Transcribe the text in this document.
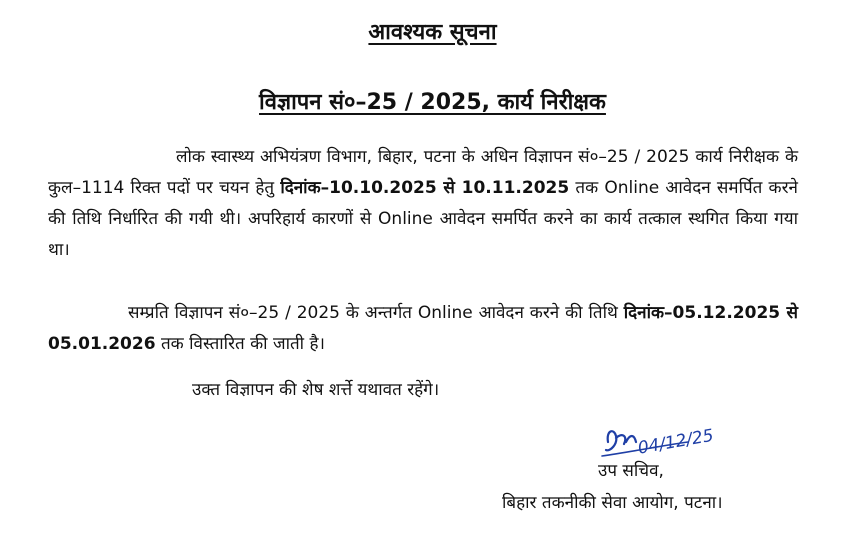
आवश्यक सूचना
विज्ञापन सं०–25 / 2025, कार्य निरीक्षक
लोक स्वास्थ्य अभियंत्रण विभाग, बिहार, पटना के अधिन विज्ञापन सं०–25 / 2025 कार्य निरीक्षक के कुल–1114 रिक्त पदों पर चयन हेतु दिनांक–10.10.2025 से 10.11.2025 तक Online आवेदन समर्पित करने की तिथि निर्धारित की गयी थी। अपरिहार्य कारणों से Online आवेदन समर्पित करने का कार्य तत्काल स्थगित किया गया था।
सम्प्रति विज्ञापन सं०–25 / 2025 के अन्तर्गत Online आवेदन करने की तिथि दिनांक–05.12.2025 से 05.01.2026 तक विस्तारित की जाती है।
उक्त विज्ञापन की शेष शर्त्ते यथावत रहेंगे।
04/12/25
उप सचिव,
बिहार तकनीकी सेवा आयोग, पटना।
